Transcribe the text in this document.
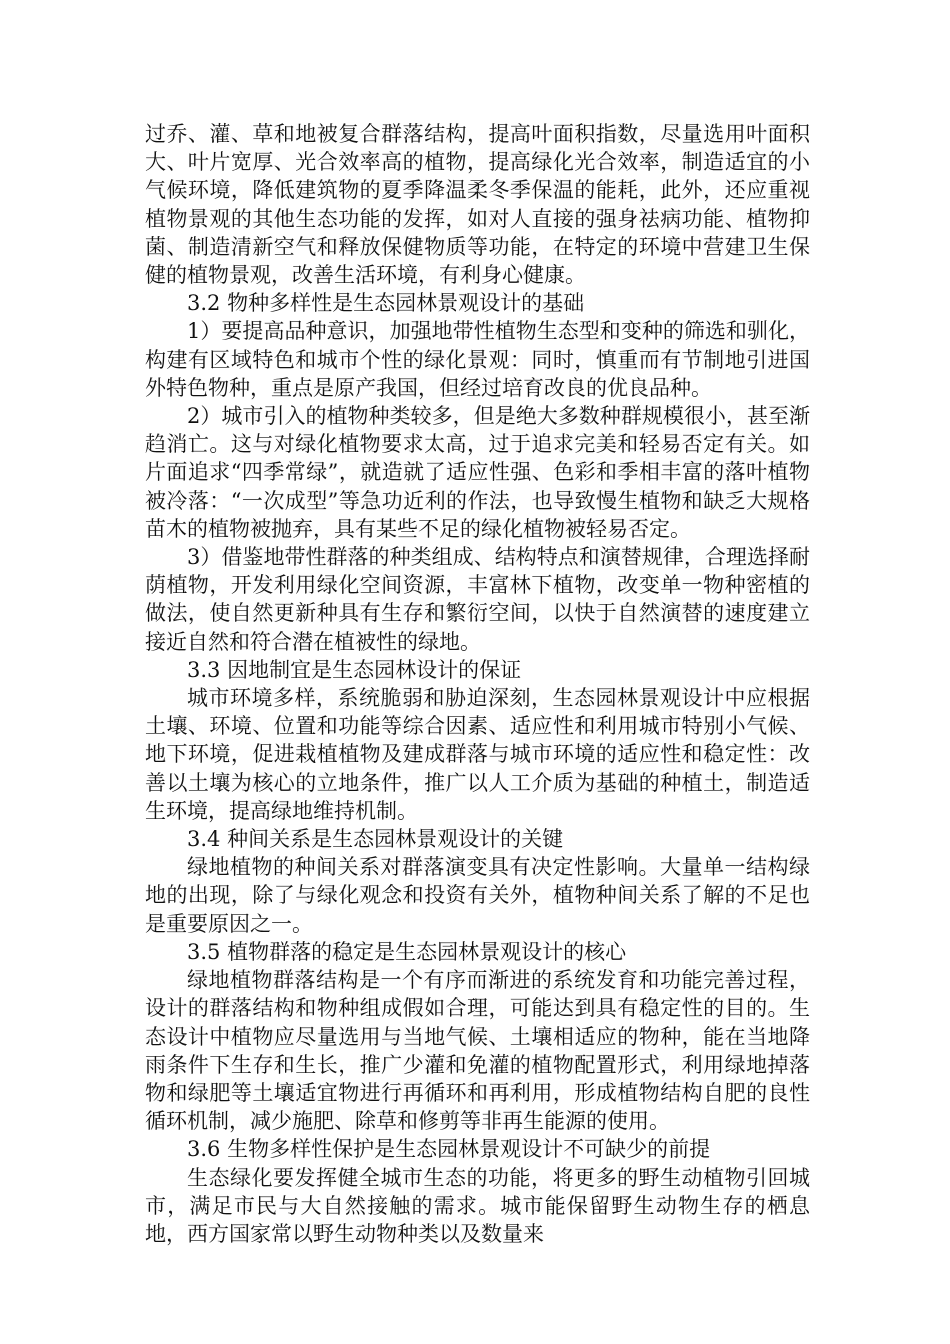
过乔、灌、草和地被复合群落结构，提高叶面积指数，尽量选用叶面积大、叶片宽厚、光合效率高的植物，提高绿化光合效率，制造适宜的小气候环境，降低建筑物的夏季降温柔冬季保温的能耗，此外，还应重视植物景观的其他生态功能的发挥，如对人直接的强身祛病功能、植物抑菌、制造清新空气和释放保健物质等功能，在特定的环境中营建卫生保健的植物景观，改善生活环境，有利身心健康。

3.2 物种多样性是生态园林景观设计的基础

1）要提高品种意识，加强地带性植物生态型和变种的筛选和驯化，构建有区域特色和城市个性的绿化景观：同时，慎重而有节制地引进国外特色物种，重点是原产我国，但经过培育改良的优良品种。

2）城市引入的植物种类较多，但是绝大多数种群规模很小，甚至渐趋消亡。这与对绿化植物要求太高，过于追求完美和轻易否定有关。如片面追求“四季常绿”，就造就了适应性强、色彩和季相丰富的落叶植物被冷落：“一次成型”等急功近利的作法，也导致慢生植物和缺乏大规格苗木的植物被抛弃，具有某些不足的绿化植物被轻易否定。

3）借鉴地带性群落的种类组成、结构特点和演替规律，合理选择耐荫植物，开发利用绿化空间资源，丰富林下植物，改变单一物种密植的做法，使自然更新种具有生存和繁衍空间，以快于自然演替的速度建立接近自然和符合潜在植被性的绿地。

3.3 因地制宜是生态园林设计的保证

城市环境多样，系统脆弱和胁迫深刻，生态园林景观设计中应根据土壤、环境、位置和功能等综合因素、适应性和利用城市特别小气候、地下环境，促进栽植植物及建成群落与城市环境的适应性和稳定性：改善以土壤为核心的立地条件，推广以人工介质为基础的种植土，制造适生环境，提高绿地维持机制。

3.4 种间关系是生态园林景观设计的关键

绿地植物的种间关系对群落演变具有决定性影响。大量单一结构绿地的出现，除了与绿化观念和投资有关外，植物种间关系了解的不足也是重要原因之一。

3.5 植物群落的稳定是生态园林景观设计的核心

绿地植物群落结构是一个有序而渐进的系统发育和功能完善过程，设计的群落结构和物种组成假如合理，可能达到具有稳定性的目的。生态设计中植物应尽量选用与当地气候、土壤相适应的物种，能在当地降雨条件下生存和生长，推广少灌和免灌的植物配置形式，利用绿地掉落物和绿肥等土壤适宜物进行再循环和再利用，形成植物结构自肥的良性循环机制，减少施肥、除草和修剪等非再生能源的使用。

3.6 生物多样性保护是生态园林景观设计不可缺少的前提

生态绿化要发挥健全城市生态的功能，将更多的野生动植物引回城市，满足市民与大自然接触的需求。城市能保留野生动物生存的栖息地，西方国家常以野生动物种类以及数量来
